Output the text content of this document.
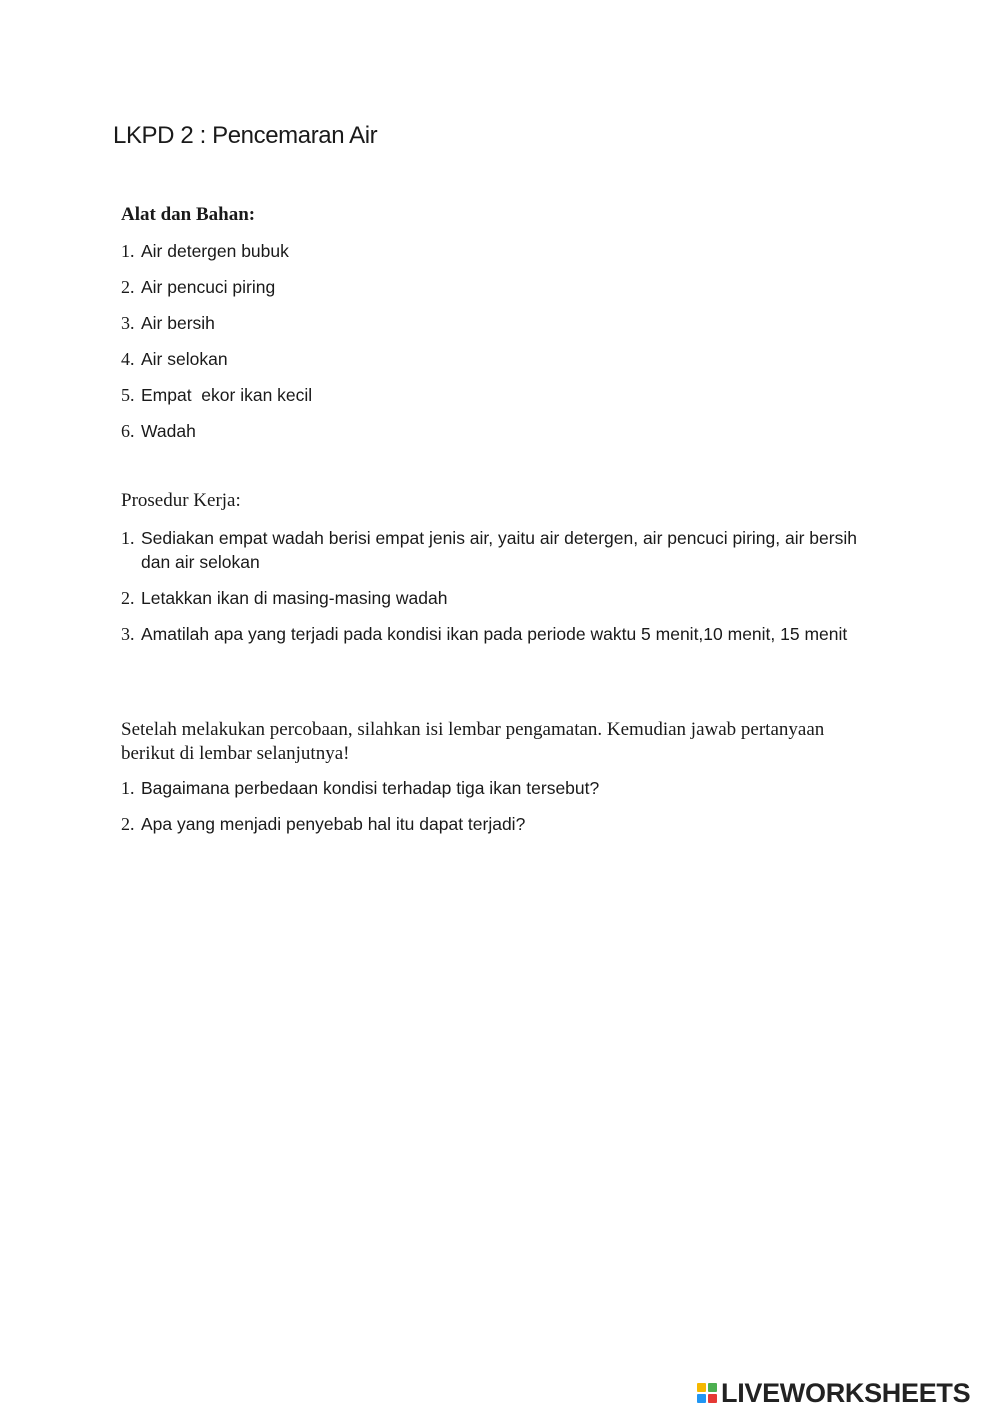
LKPD 2 : Pencemaran Air
Alat dan Bahan:
1. Air detergen bubuk
2. Air pencuci piring
3. Air bersih
4. Air selokan
5. Empat  ekor ikan kecil
6. Wadah
Prosedur Kerja:
1. Sediakan empat wadah berisi empat jenis air, yaitu air detergen, air pencuci piring, air bersih dan air selokan
2. Letakkan ikan di masing-masing wadah
3. Amatilah apa yang terjadi pada kondisi ikan pada periode waktu 5 menit,10 menit, 15 menit
Setelah melakukan percobaan, silahkan isi lembar pengamatan. Kemudian jawab pertanyaan berikut di lembar selanjutnya!
1. Bagaimana perbedaan kondisi terhadap tiga ikan tersebut?
2. Apa yang menjadi penyebab hal itu dapat terjadi?
LIVEWORKSHEETS
